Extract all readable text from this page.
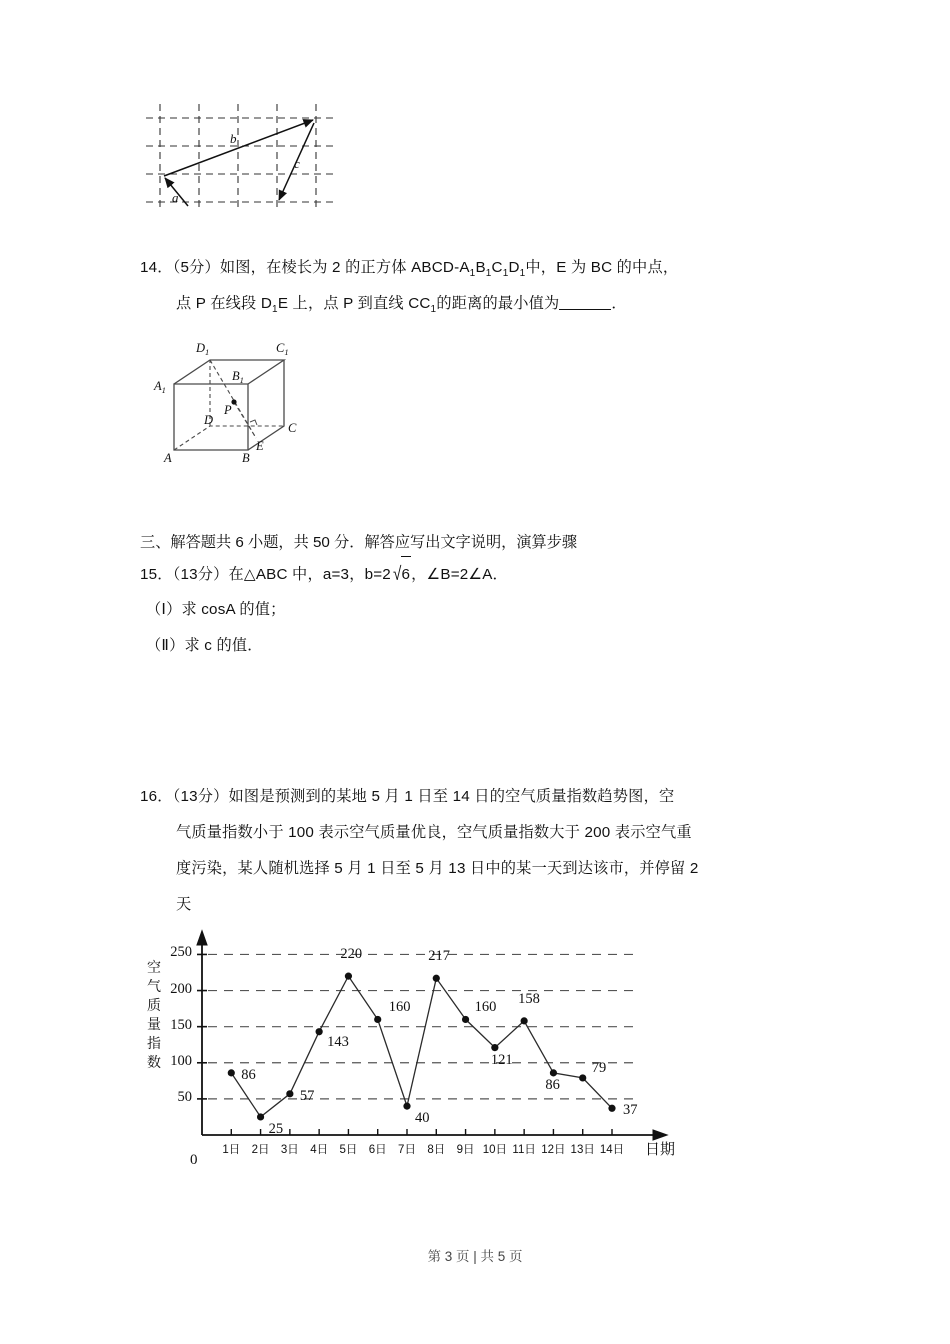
b
c
a
14．（5分）如图，在棱长为 2 的正方体 $ABCD‑A_1B_1C_1D_1$中，E 为 BC 的中点，
点 P 在线段 $D_1E$ 上，点 P 到直线 $CC_1$的距离的最小值为	．
A	B
C
D
$A_1$
$B_1$
$C_1$
$D_1$
P
E
三、解答题共 6 小题，共 50 分．解答应写出文字说明，演算步骤
15．（13分）在△ABC 中，a=3，b=2 √6，∠B=2∠A．
（Ⅰ）求 cosA 的值；
（Ⅱ）求 c 的值．
16．（13分）如图是预测到的某地 5 月 1 日至 14 日的空气质量指数趋势图，空
气质量指数小于 100 表示空气质量优良，空气质量指数大于 200 表示空气重
度污染，某人随机选择 5 月 1 日至 5 月 13 日中的某一天到达该市，并停留 2
天
空
气
质
量
指
数
0
日期
50
100
150
200
250
1日 2日 3日 4日 5日 6日 7日 8日 9日 10日 11日 12日 13日 14日
86
25
57
143
220
160
40
217
160
121
158
86
79
37
第 3 页 | 共 5 页
